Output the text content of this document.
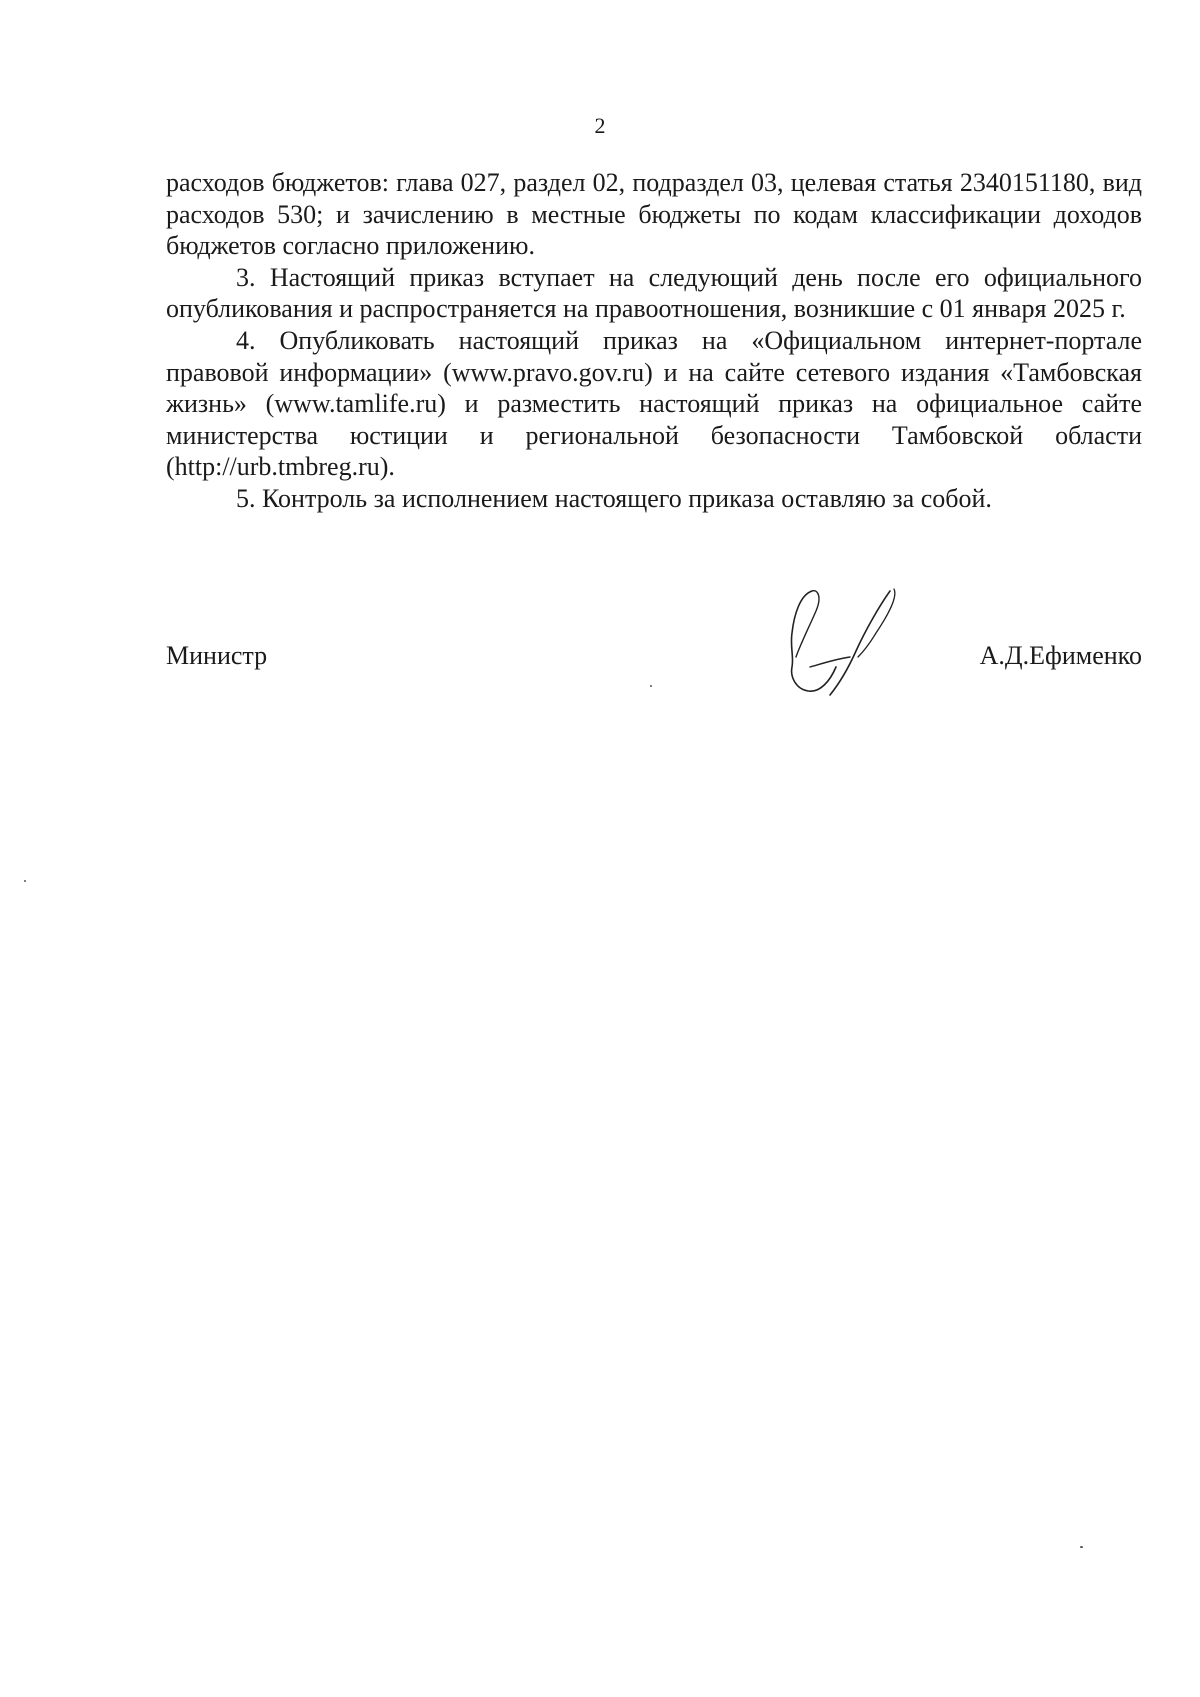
2

расходов бюджетов: глава 027, раздел 02, подраздел 03, целевая статья 2340151180, вид расходов 530; и зачислению в местные бюджеты по кодам классификации доходов бюджетов согласно приложению.

3. Настоящий приказ вступает на следующий день после его официального опубликования и распространяется на правоотношения, возникшие с 01 января 2025 г.

4. Опубликовать настоящий приказ на «Официальном интернет-портале правовой информации» (www.pravo.gov.ru) и на сайте сетевого издания «Тамбовская жизнь» (www.tamlife.ru) и разместить настоящий приказ на официальное сайте министерства юстиции и региональной безопасности Тамбовской области (http://urb.tmbreg.ru).

5. Контроль за исполнением настоящего приказа оставляю за собой.

Министр	А.Д.Ефименко
